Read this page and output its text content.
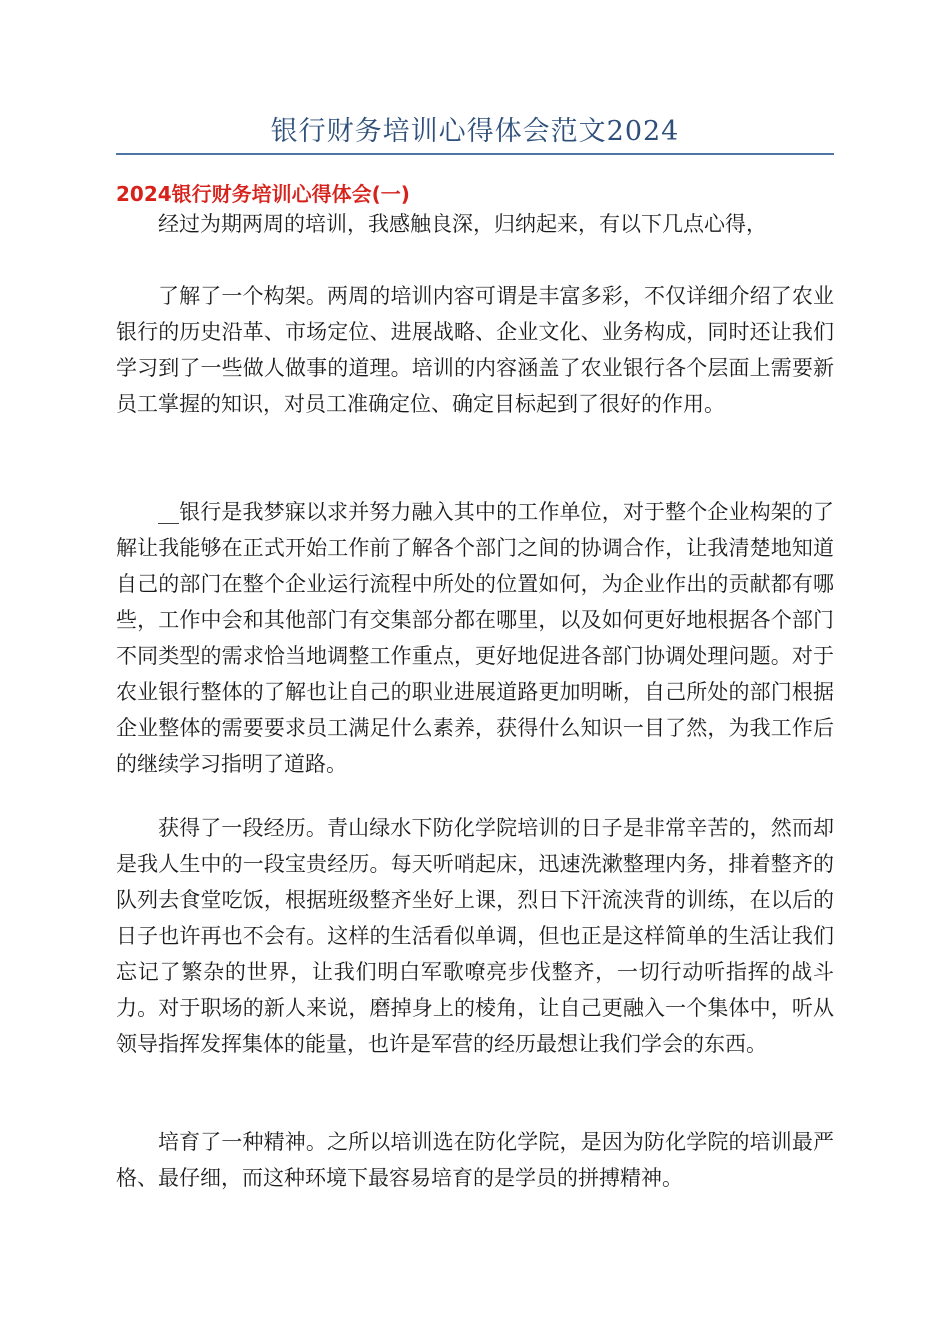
银行财务培训心得体会范文2024
2024银行财务培训心得体会(一)

经过为期两周的培训，我感触良深，归纳起来，有以下几点心得，

了解了一个构架。两周的培训内容可谓是丰富多彩，不仅详细介绍了农业银行的历史沿革、市场定位、进展战略、企业文化、业务构成，同时还让我们学习到了一些做人做事的道理。培训的内容涵盖了农业银行各个层面上需要新员工掌握的知识，对员工准确定位、确定目标起到了很好的作用。

__银行是我梦寐以求并努力融入其中的工作单位，对于整个企业构架的了解让我能够在正式开始工作前了解各个部门之间的协调合作，让我清楚地知道自己的部门在整个企业运行流程中所处的位置如何，为企业作出的贡献都有哪些，工作中会和其他部门有交集部分都在哪里，以及如何更好地根据各个部门不同类型的需求恰当地调整工作重点，更好地促进各部门协调处理问题。对于农业银行整体的了解也让自己的职业进展道路更加明晰，自己所处的部门根据企业整体的需要要求员工满足什么素养，获得什么知识一目了然，为我工作后的继续学习指明了道路。

获得了一段经历。青山绿水下防化学院培训的日子是非常辛苦的，然而却是我人生中的一段宝贵经历。每天听哨起床，迅速洗漱整理内务，排着整齐的队列去食堂吃饭，根据班级整齐坐好上课，烈日下汗流浃背的训练，在以后的日子也许再也不会有。这样的生活看似单调，但也正是这样简单的生活让我们忘记了繁杂的世界，让我们明白军歌嘹亮步伐整齐，一切行动听指挥的战斗力。对于职场的新人来说，磨掉身上的棱角，让自己更融入一个集体中，听从领导指挥发挥集体的能量，也许是军营的经历最想让我们学会的东西。

培育了一种精神。之所以培训选在防化学院，是因为防化学院的培训最严格、最仔细，而这种环境下最容易培育的是学员的拼搏精神。
